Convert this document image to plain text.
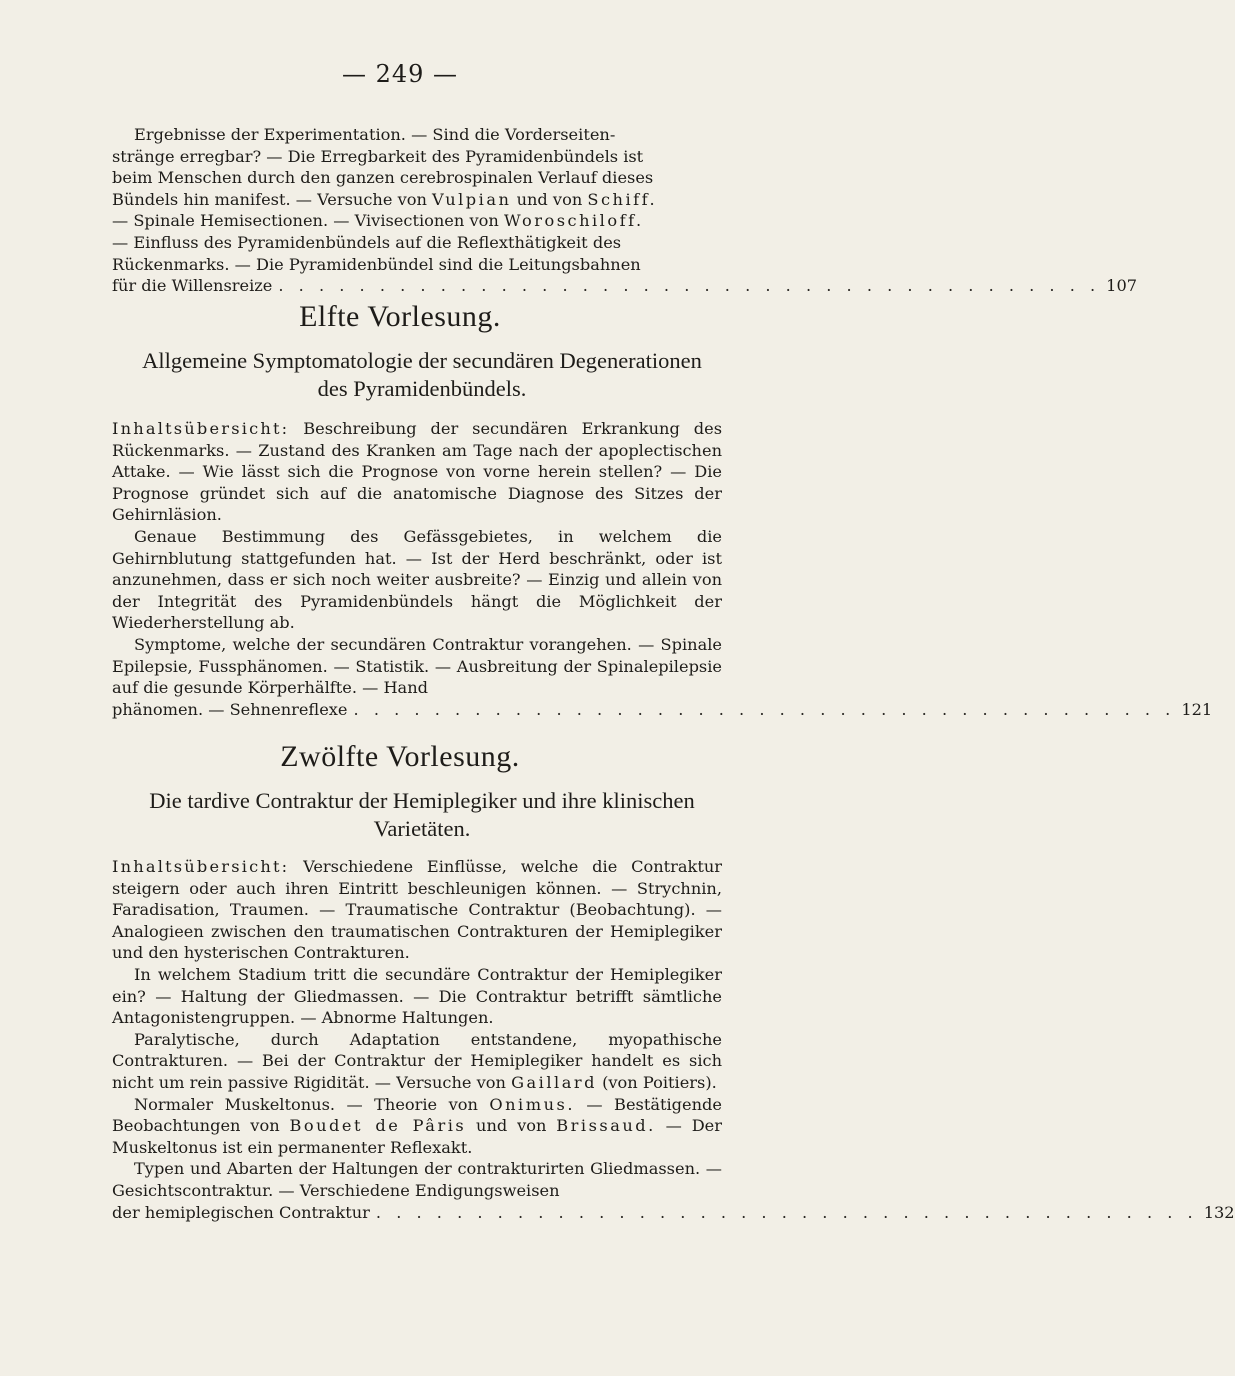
— 249 —

Ergebnisse der Experimentation. — Sind die Vorderseiten-

stränge erregbar? — Die Erregbarkeit des Pyramidenbündels ist

beim Menschen durch den ganzen cerebrospinalen Verlauf dieses

Bündels hin manifest. — Versuche von Vulpian und von Schiff.

— Spinale Hemisectionen. — Vivisectionen von Woroschiloff.

— Einfluss des Pyramidenbündels auf die Reflexthätigkeit des

Rückenmarks. — Die Pyramidenbündel sind die Leitungsbahnen

für die Willensreize . . . . . . . . . . . . . . . . . . . . . . . . . . . . . . . . . . . . . . . . . 107
Elfte Vorlesung.
Allgemeine Symptomatologie der secundären Degenerationen
des Pyramidenbündels.

Inhaltsübersicht: Beschreibung der secundären Erkrankung des Rückenmarks. — Zustand des Kranken am Tage nach der apoplectischen Attake. — Wie lässt sich die Prognose von vorne herein stellen? — Die Prognose gründet sich auf die anatomische Diagnose des Sitzes der Gehirnläsion.

Genaue Bestimmung des Gefässgebietes, in welchem die Gehirnblutung stattgefunden hat. — Ist der Herd beschränkt, oder ist anzunehmen, dass er sich noch weiter ausbreite? — Einzig und allein von der Integrität des Pyramidenbündels hängt die Möglichkeit der Wiederherstellung ab.

Symptome, welche der secundären Contraktur vorangehen. — Spinale Epilepsie, Fussphänomen. — Statistik. — Ausbreitung der Spinalepilepsie auf die gesunde Körperhälfte. — Hand

phänomen. — Sehnenreflexe . . . . . . . . . . . . . . . . . . . . . . . . . . . . . . . . . . . . . . . . . 121
Zwölfte Vorlesung.
Die tardive Contraktur der Hemiplegiker und ihre klinischen
Varietäten.

Inhaltsübersicht: Verschiedene Einflüsse, welche die Contraktur steigern oder auch ihren Eintritt beschleunigen können. — Strychnin, Faradisation, Traumen. — Traumatische Contraktur (Beobachtung). — Analogieen zwischen den traumatischen Contrakturen der Hemiplegiker und den hysterischen Contrakturen.

In welchem Stadium tritt die secundäre Contraktur der Hemiplegiker ein? — Haltung der Gliedmassen. — Die Contraktur betrifft sämtliche Antagonistengruppen. — Abnorme Haltungen.

Paralytische, durch Adaptation entstandene, myopathische Contrakturen. — Bei der Contraktur der Hemiplegiker handelt es sich nicht um rein passive Rigidität. — Versuche von Gaillard (von Poitiers).

Normaler Muskeltonus. — Theorie von Onimus. — Bestätigende Beobachtungen von Boudet de Pâris und von Brissaud. — Der Muskeltonus ist ein permanenter Reflexakt.

Typen und Abarten der Haltungen der contrakturirten Gliedmassen. — Gesichtscontraktur. — Verschiedene Endigungsweisen

der hemiplegischen Contraktur . . . . . . . . . . . . . . . . . . . . . . . . . . . . . . . . . . . . . . . . . 132
